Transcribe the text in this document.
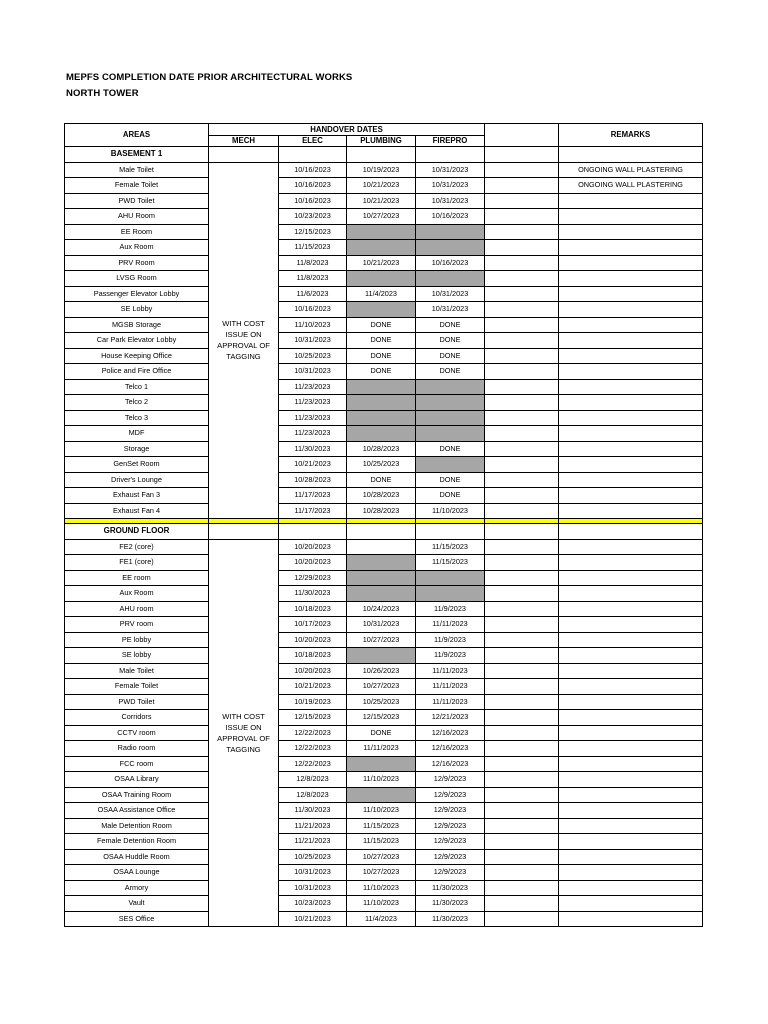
MEPFS COMPLETION DATE PRIOR ARCHITECTURAL WORKS
NORTH TOWER
AREAS	HANDOVER DATES					REMARKS
	MECH	ELEC	PLUMBING	FIREPRO		
BASEMENT 1						
Male Toilet	WITH COST ISSUE ON APPROVAL OF TAGGING	10/16/2023	10/19/2023	10/31/2023		ONGOING WALL PLASTERING
Female Toilet		10/16/2023	10/21/2023	10/31/2023		ONGOING WALL PLASTERING
PWD Toilet		10/16/2023	10/21/2023	10/31/2023		
AHU Room		10/23/2023	10/27/2023	10/16/2023		
EE Room		12/15/2023				
Aux Room		11/15/2023				
PRV Room		11/8/2023	10/21/2023	10/16/2023		
LVSG Room		11/8/2023				
Passenger Elevator Lobby		11/6/2023	11/4/2023	10/31/2023		
SE Lobby		10/16/2023		10/31/2023		
MGSB Storage		11/10/2023	DONE	DONE		
Car Park Elevator Lobby		10/31/2023	DONE	DONE		
House Keeping Office		10/25/2023	DONE	DONE		
Police and Fire Office		10/31/2023	DONE	DONE		
Telco 1		11/23/2023				
Telco 2		11/23/2023				
Telco 3		11/23/2023				
MDF		11/23/2023				
Storage		11/30/2023	10/28/2023	DONE		
GenSet Room		10/21/2023	10/25/2023			
Driver's Lounge		10/28/2023	DONE	DONE		
Exhaust Fan 3		11/17/2023	10/28/2023	DONE		
Exhaust Fan 4		11/17/2023	10/28/2023	11/10/2023		

GROUND FLOOR						
FE2 (core)	WITH COST ISSUE ON APPROVAL OF TAGGING	10/20/2023		11/15/2023		
FE1 (core)		10/20/2023		11/15/2023		
EE room		12/29/2023				
Aux Room		11/30/2023				
AHU room		10/18/2023	10/24/2023	11/9/2023		
PRV room		10/17/2023	10/31/2023	11/11/2023		
PE lobby		10/20/2023	10/27/2023	11/9/2023		
SE lobby		10/18/2023		11/9/2023		
Male Toilet		10/20/2023	10/26/2023	11/11/2023		
Female Toilet		10/21/2023	10/27/2023	11/11/2023		
PWD Toilet		10/19/2023	10/25/2023	11/11/2023		
Corridors		12/15/2023	12/15/2023	12/21/2023		
CCTV room		12/22/2023	DONE	12/16/2023		
Radio room		12/22/2023	11/11/2023	12/16/2023		
FCC room		12/22/2023		12/16/2023		
OSAA Library		12/8/2023	11/10/2023	12/9/2023		
OSAA Training Room		12/8/2023		12/9/2023		
OSAA Assistance Office		11/30/2023	11/10/2023	12/9/2023		
Male Detention Room		11/21/2023	11/15/2023	12/9/2023		
Female Detention Room		11/21/2023	11/15/2023	12/9/2023		
OSAA Huddle Room		10/25/2023	10/27/2023	12/9/2023		
OSAA Lounge		10/31/2023	10/27/2023	12/9/2023		
Armory		10/31/2023	11/10/2023	11/30/2023		
Vault		10/23/2023	11/10/2023	11/30/2023		
SES Office		10/21/2023	11/4/2023	11/30/2023		
